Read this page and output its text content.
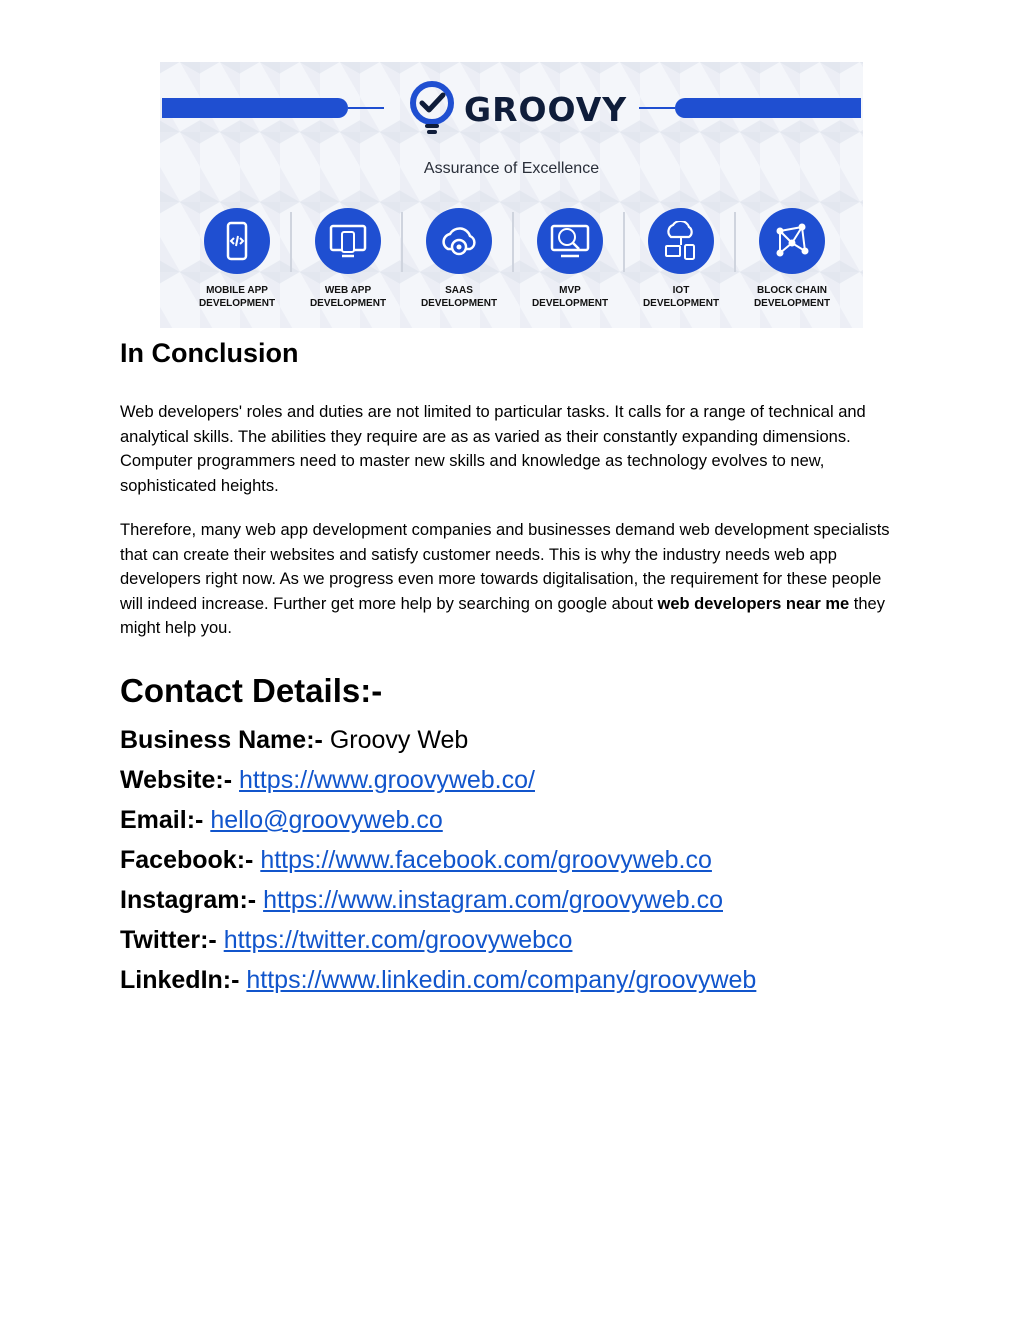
GROOVY
Assurance of Excellence
MOBILE APP
DEVELOPMENT
WEB APP
DEVELOPMENT
SAAS
DEVELOPMENT
MVP
DEVELOPMENT
IOT
DEVELOPMENT
BLOCK CHAIN
DEVELOPMENT
In Conclusion

Web developers' roles and duties are not limited to particular tasks. It calls for a range of technical and analytical skills. The abilities they require are as as varied as their constantly expanding dimensions. Computer programmers need to master new skills and knowledge as technology evolves to new, sophisticated heights.

Therefore, many web app development companies and businesses demand web development specialists that can create their websites and satisfy customer needs. This is why the industry needs web app developers right now. As we progress even more towards digitalisation, the requirement for these people will indeed increase. Further get more help by searching on google about web developers near me they might help you.

Contact Details:-
Business Name:- Groovy Web
Website:- https://www.groovyweb.co/
Email:- hello@groovyweb.co
Facebook:- https://www.facebook.com/groovyweb.co
Instagram:- https://www.instagram.com/groovyweb.co
Twitter:- https://twitter.com/groovywebco
LinkedIn:- https://www.linkedin.com/company/groovyweb
